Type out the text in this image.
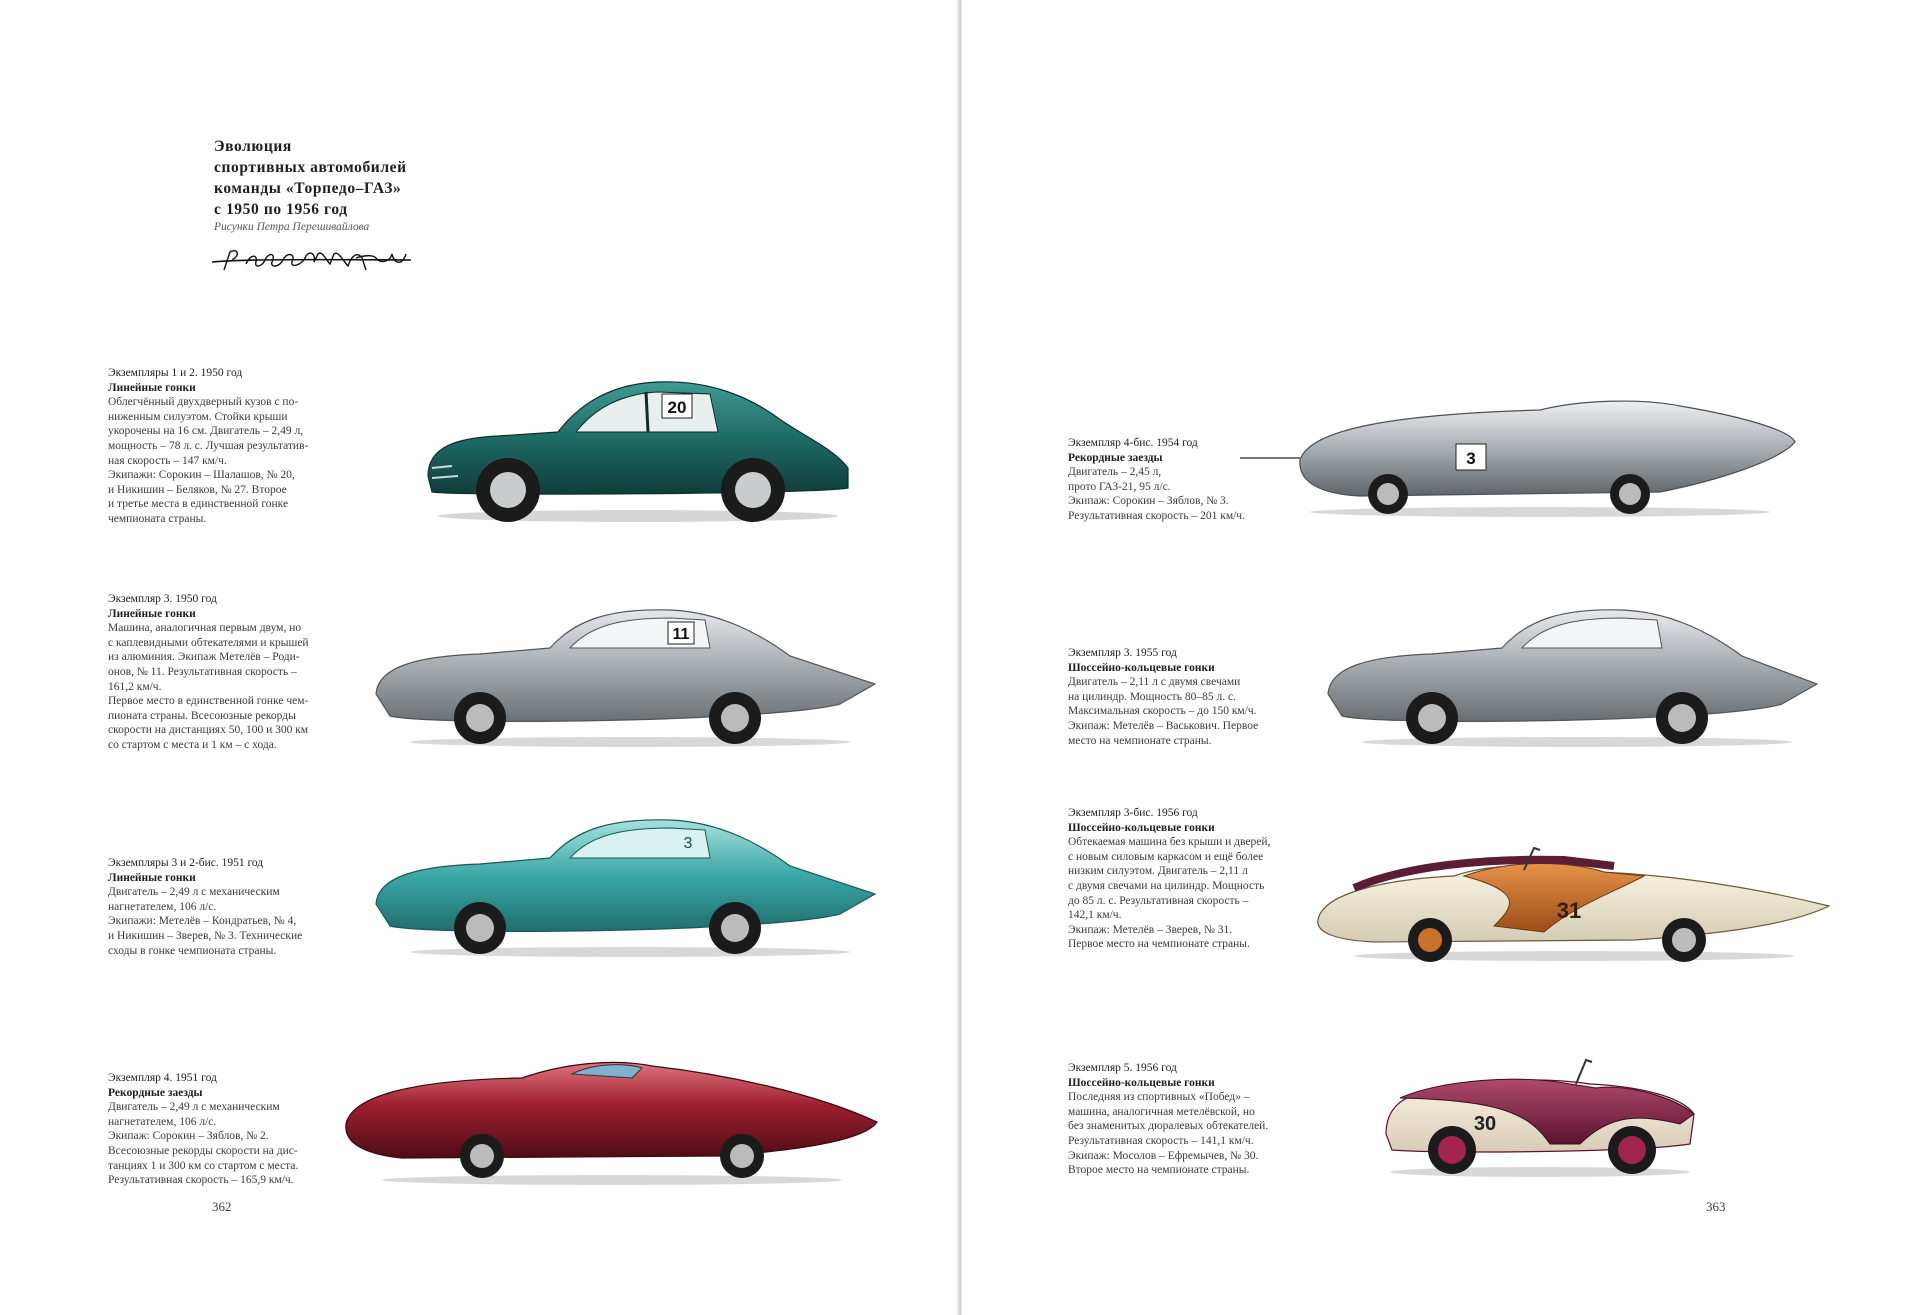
Эволюция
спортивных автомобилей
команды «Торпедо–ГАЗ»
с 1950 по 1956 год
Рисунки Петра Перешивайлова
Экземпляры 1 и 2. 1950 год
Линейные гонки
Облегчённый двухдверный кузов с по-
ниженным силуэтом. Стойки крыши
укорочены на 16 см. Двигатель – 2,49 л,
мощность – 78 л. с. Лучшая результатив-
ная скорость – 147 км/ч.
Экипажи: Сорокин – Шалашов, № 20,
и Никишин – Беляков, № 27. Второе
и третье места в единственной гонке
чемпионата страны.
Экземпляр 3. 1950 год
Линейные гонки
Машина, аналогичная первым двум, но
с каплевидными обтекателями и крышей
из алюминия. Экипаж Метелёв – Роди-
онов, № 11. Результативная скорость –
161,2 км/ч.
Первое место в единственной гонке чем-
пионата страны. Всесоюзные рекорды
скорости на дистанциях 50, 100 и 300 км
со стартом с места и 1 км – с хода.
Экземпляры 3 и 2-бис. 1951 год
Линейные гонки
Двигатель – 2,49 л с механическим
нагнетателем, 106 л/с.
Экипажи: Метелёв – Кондратьев, № 4,
и Никишин – Зверев, № 3. Технические
сходы в гонке чемпионата страны.
Экземпляр 4. 1951 год
Рекордные заезды
Двигатель – 2,49 л с механическим
нагнетателем, 106 л/с.
Экипаж: Сорокин – Зяблов, № 2.
Всесоюзные рекорды скорости на дис-
танциях 1 и 300 км со стартом с места.
Результативная скорость – 165,9 км/ч.
20
11
3
362
Экземпляр 4-бис. 1954 год
Рекордные заезды
Двигатель – 2,45 л,
прото ГАЗ-21, 95 л/с.
Экипаж: Сорокин – Зяблов, № 3.
Результативная скорость – 201 км/ч.
Экземпляр 3. 1955 год
Шоссейно-кольцевые гонки
Двигатель – 2,11 л с двумя свечами
на цилиндр. Мощность 80–85 л. с.
Максимальная скорость – до 150 км/ч.
Экипаж: Метелёв – Васькович. Первое
место на чемпионате страны.
Экземпляр 3-бис. 1956 год
Шоссейно-кольцевые гонки
Обтекаемая машина без крыши и дверей,
с новым силовым каркасом и ещё более
низким силуэтом. Двигатель – 2,11 л
с двумя свечами на цилиндр. Мощность
до 85 л. с. Результативная скорость –
142,1 км/ч.
Экипаж: Метелёв – Зверев, № 31.
Первое место на чемпионате страны.
Экземпляр 5. 1956 год
Шоссейно-кольцевые гонки
Последняя из спортивных «Побед» –
машина, аналогичная метелёвской, но
без знаменитых дюралевых обтекателей.
Результативная скорость – 141,1 км/ч.
Экипаж: Мосолов – Ефремычев, № 30.
Второе место на чемпионате страны.
3
31
30
363
